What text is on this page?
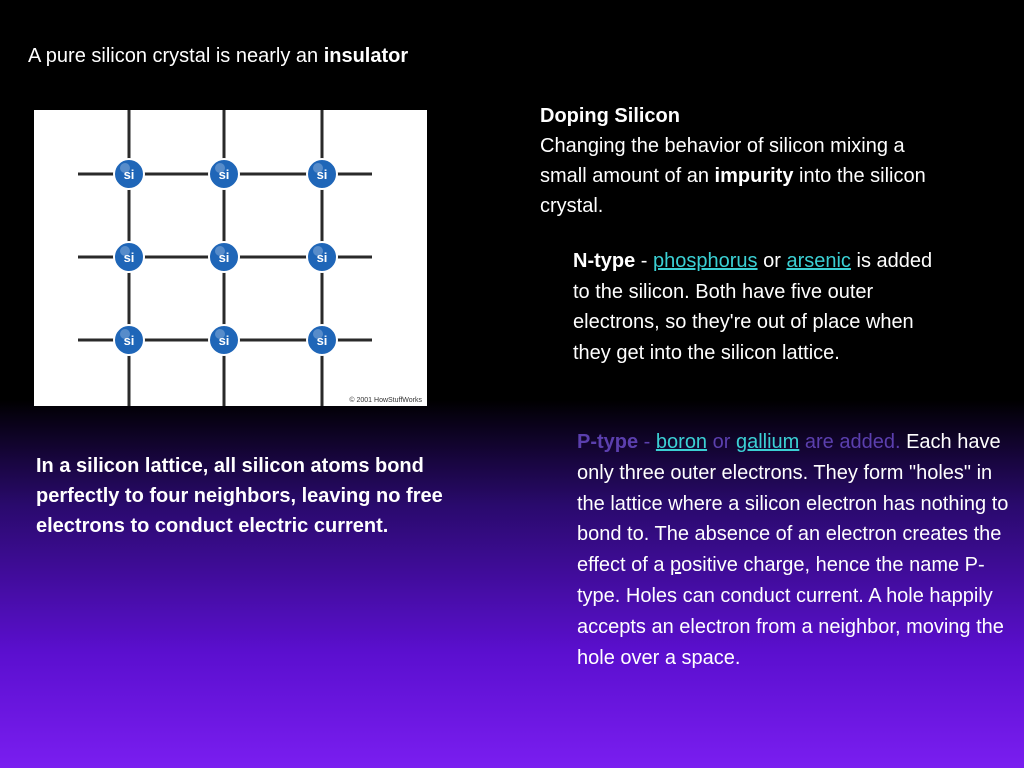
A pure silicon crystal is nearly an insulator
si	si	si
si	si	si
si	si	si
© 2001 HowStuffWorks
Doping Silicon
Changing the behavior of silicon mixing a small amount of an impurity into the silicon crystal.
N-type - phosphorus or arsenic is added to the silicon. Both have five outer electrons, so they're out of place when they get into the silicon lattice.
In a silicon lattice, all silicon atoms bond perfectly to four neighbors, leaving no free electrons to conduct electric current.
P-type - boron or gallium are added. Each have only three outer electrons. They form "holes" in the lattice where a silicon electron has nothing to bond to. The absence of an electron creates the effect of a positive charge, hence the name P-type. Holes can conduct current. A hole happily accepts an electron from a neighbor, moving the hole over a space.
